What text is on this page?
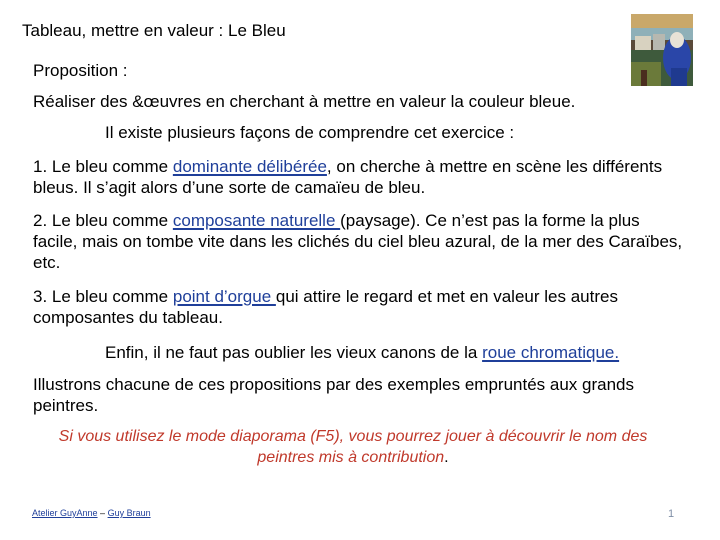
Tableau, mettre en valeur : Le Bleu

Proposition :

Réaliser des &œuvres en cherchant à mettre en valeur la couleur bleue.

Il existe plusieurs façons de comprendre cet exercice :

1. Le bleu comme dominante délibérée, on cherche à mettre en scène les différents bleus. Il s’agit alors d’une sorte de camaïeu de bleu.

2. Le bleu comme composante naturelle (paysage). Ce n’est pas la forme la plus facile, mais on tombe vite dans les clichés du ciel bleu azural, de la mer des Caraïbes, etc.

3. Le bleu comme point d’orgue qui attire le regard et met en valeur les autres composantes du tableau.

Enfin, il ne faut pas oublier les vieux canons de la roue chromatique.

Illustrons chacune de ces propositions par des exemples empruntés aux grands peintres.

Si vous utilisez le mode diaporama (F5), vous pourrez jouer à découvrir le nom des peintres mis à contribution.
Atelier GuyAnne – Guy Braun	1
